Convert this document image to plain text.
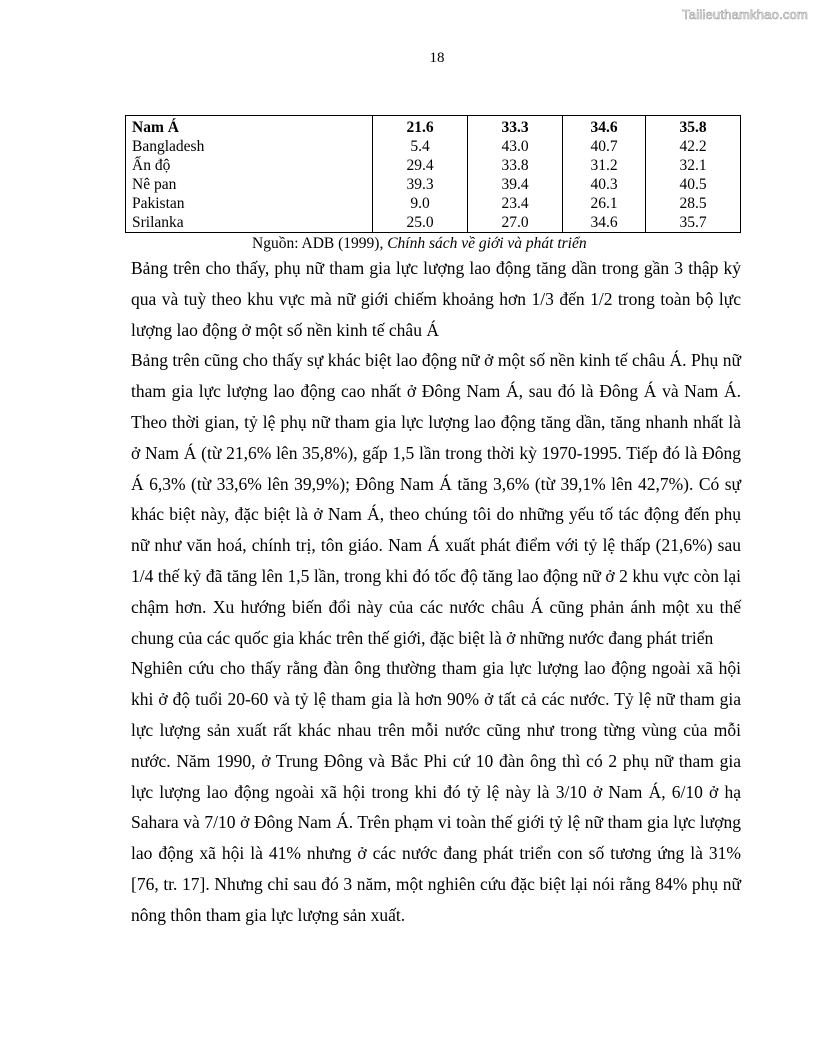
Tailieuthamkhao.com
18
Nam Á	21.6	33.3	34.6	35.8
Bangladesh	5.4	43.0	40.7	42.2
Ấn độ	29.4	33.8	31.2	32.1
Nê pan	39.3	39.4	40.3	40.5
Pakistan	9.0	23.4	26.1	28.5
Srilanka	25.0	27.0	34.6	35.7
Nguồn: ADB (1999), Chính sách về giới và phát triển

Bảng trên cho thấy, phụ nữ tham gia lực lượng lao động tăng dần trong gần 3 thập kỷ qua và tuỳ theo khu vực mà nữ giới chiếm khoảng hơn 1/3 đến 1/2 trong toàn bộ lực lượng lao động ở một số nền kinh tế châu Á

Bảng trên cũng cho thấy sự khác biệt lao động nữ ở một số nền kinh tế châu Á. Phụ nữ tham gia lực lượng lao động cao nhất ở Đông Nam Á, sau đó là Đông Á và Nam Á. Theo thời gian, tỷ lệ phụ nữ tham gia lực lượng lao động tăng dần, tăng nhanh nhất là ở Nam Á (từ 21,6% lên 35,8%), gấp 1,5 lần trong thời kỳ 1970-1995. Tiếp đó là Đông Á 6,3% (từ 33,6% lên 39,9%); Đông Nam Á tăng 3,6% (từ 39,1% lên 42,7%). Có sự khác biệt này, đặc biệt là ở Nam Á, theo chúng tôi do những yếu tố tác động đến phụ nữ như văn hoá, chính trị, tôn giáo. Nam Á xuất phát điểm với tỷ lệ thấp (21,6%) sau 1/4 thế kỷ đã tăng lên 1,5 lần, trong khi đó tốc độ tăng lao động nữ ở 2 khu vực còn lại chậm hơn. Xu hướng biến đổi này của các nước châu Á cũng phản ánh một xu thế chung của các quốc gia khác trên thế giới, đặc biệt là ở những nước đang phát triển

Nghiên cứu cho thấy rằng đàn ông thường tham gia lực lượng lao động ngoài xã hội khi ở độ tuổi 20-60 và tỷ lệ tham gia là hơn 90% ở tất cả các nước. Tỷ lệ nữ tham gia lực lượng sản xuất rất khác nhau trên mỗi nước cũng như trong từng vùng của mỗi nước. Năm 1990, ở Trung Đông và Bắc Phi cứ 10 đàn ông thì có 2 phụ nữ tham gia lực lượng lao động ngoài xã hội trong khi đó tỷ lệ này là 3/10 ở Nam Á, 6/10 ở hạ Sahara và 7/10 ở Đông Nam Á. Trên phạm vi toàn thế giới tỷ lệ nữ tham gia lực lượng lao động xã hội là 41% nhưng ở các nước đang phát triển con số tương ứng là 31% [76, tr. 17]. Nhưng chỉ sau đó 3 năm, một nghiên cứu đặc biệt lại nói rằng 84% phụ nữ nông thôn tham gia lực lượng sản xuất.
